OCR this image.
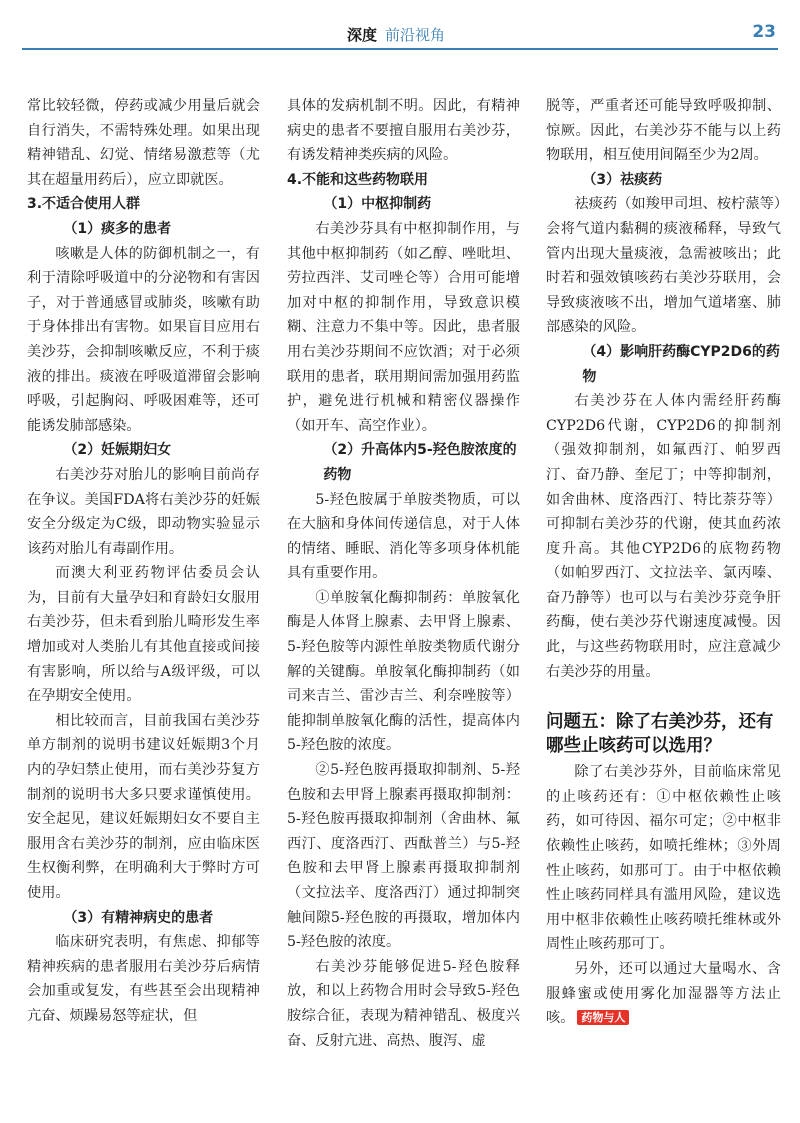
深度 前沿视角	23

常比较轻微，停药或减少用量后就会自行消失，不需特殊处理。如果出现精神错乱、幻觉、情绪易激惹等（尤其在超量用药后），应立即就医。

3.不适合使用人群
（1）痰多的患者

咳嗽是人体的防御机制之一，有利于清除呼吸道中的分泌物和有害因子，对于普通感冒或肺炎，咳嗽有助于身体排出有害物。如果盲目应用右美沙芬，会抑制咳嗽反应，不利于痰液的排出。痰液在呼吸道滞留会影响呼吸，引起胸闷、呼吸困难等，还可能诱发肺部感染。

（2）妊娠期妇女

右美沙芬对胎儿的影响目前尚存在争议。美国FDA将右美沙芬的妊娠安全分级定为C级，即动物实验显示该药对胎儿有毒副作用。

而澳大利亚药物评估委员会认为，目前有大量孕妇和育龄妇女服用右美沙芬，但未看到胎儿畸形发生率增加或对人类胎儿有其他直接或间接有害影响，所以给与A级评级，可以在孕期安全使用。

相比较而言，目前我国右美沙芬单方制剂的说明书建议妊娠期3个月内的孕妇禁止使用，而右美沙芬复方制剂的说明书大多只要求谨慎使用。安全起见，建议妊娠期妇女不要自主服用含右美沙芬的制剂，应由临床医生权衡利弊，在明确利大于弊时方可使用。

（3）有精神病史的患者

临床研究表明，有焦虑、抑郁等精神疾病的患者服用右美沙芬后病情会加重或复发，有些甚至会出现精神亢奋、烦躁易怒等症状，但

具体的发病机制不明。因此，有精神病史的患者不要擅自服用右美沙芬，有诱发精神类疾病的风险。

4.不能和这些药物联用
（1）中枢抑制药

右美沙芬具有中枢抑制作用，与其他中枢抑制药（如乙醇、唑吡坦、劳拉西泮、艾司唑仑等）合用可能增加对中枢的抑制作用，导致意识模糊、注意力不集中等。因此，患者服用右美沙芬期间不应饮酒；对于必须联用的患者，联用期间需加强用药监护，避免进行机械和精密仪器操作（如开车、高空作业）。

（2）升高体内5-羟色胺浓度的药物

5-羟色胺属于单胺类物质，可以在大脑和身体间传递信息，对于人体的情绪、睡眠、消化等多项身体机能具有重要作用。

①单胺氧化酶抑制药：单胺氧化酶是人体肾上腺素、去甲肾上腺素、5-羟色胺等内源性单胺类物质代谢分解的关键酶。单胺氧化酶抑制药（如司来吉兰、雷沙吉兰、利奈唑胺等）能抑制单胺氧化酶的活性，提高体内5-羟色胺的浓度。

②5-羟色胺再摄取抑制剂、5-羟色胺和去甲肾上腺素再摄取抑制剂：5-羟色胺再摄取抑制剂（舍曲林、氟西汀、度洛西汀、西酞普兰）与5-羟色胺和去甲肾上腺素再摄取抑制剂（文拉法辛、度洛西汀）通过抑制突触间隙5-羟色胺的再摄取，增加体内5-羟色胺的浓度。

右美沙芬能够促进5-羟色胺释放，和以上药物合用时会导致5-羟色胺综合征，表现为精神错乱、极度兴奋、反射亢进、高热、腹泻、虚

脱等，严重者还可能导致呼吸抑制、惊厥。因此，右美沙芬不能与以上药物联用，相互使用间隔至少为2周。

（3）祛痰药

祛痰药（如羧甲司坦、桉柠蒎等）会将气道内黏稠的痰液稀释，导致气管内出现大量痰液，急需被咳出；此时若和强效镇咳药右美沙芬联用，会导致痰液咳不出，增加气道堵塞、肺部感染的风险。

（4）影响肝药酶CYP2D6的药物

右美沙芬在人体内需经肝药酶CYP2D6代谢，CYP2D6的抑制剂（强效抑制剂，如氟西汀、帕罗西汀、奋乃静、奎尼丁；中等抑制剂，如舍曲林、度洛西汀、特比萘芬等）可抑制右美沙芬的代谢，使其血药浓度升高。其他CYP2D6的底物药物（如帕罗西汀、文拉法辛、氯丙嗪、奋乃静等）也可以与右美沙芬竞争肝药酶，使右美沙芬代谢速度减慢。因此，与这些药物联用时，应注意减少右美沙芬的用量。

问题五：除了右美沙芬，还有哪些止咳药可以选用？

除了右美沙芬外，目前临床常见的止咳药还有：①中枢依赖性止咳药，如可待因、福尔可定；②中枢非依赖性止咳药，如喷托维林；③外周性止咳药，如那可丁。由于中枢依赖性止咳药同样具有滥用风险，建议选用中枢非依赖性止咳药喷托维林或外周性止咳药那可丁。

另外，还可以通过大量喝水、含服蜂蜜或使用雾化加湿器等方法止咳。 药物与人
